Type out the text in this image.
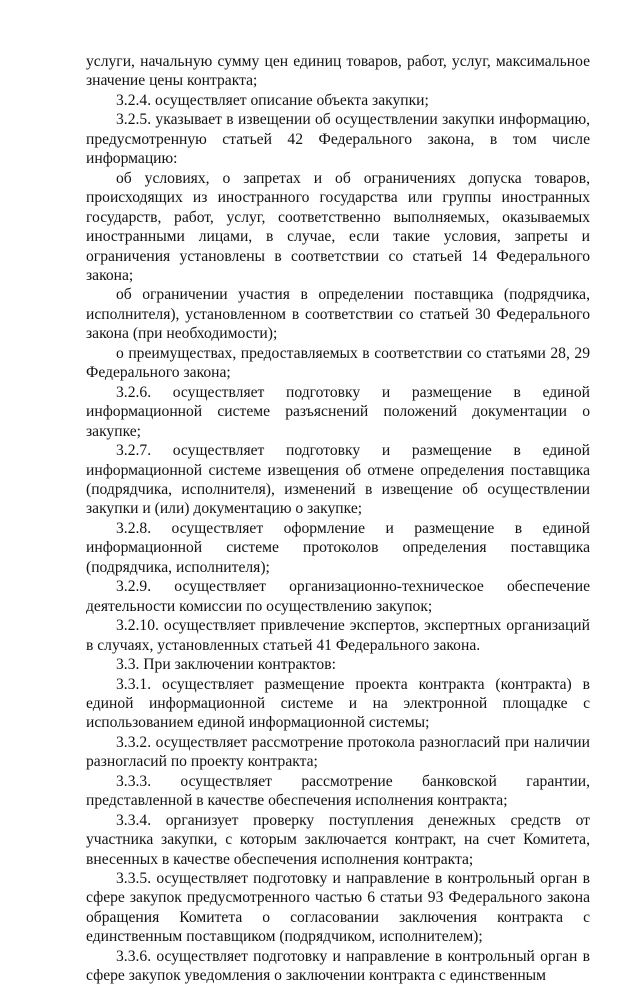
услуги, начальную сумму цен единиц товаров, работ, услуг, максимальное значение цены контракта;

3.2.4. осуществляет описание объекта закупки;

3.2.5. указывает в извещении об осуществлении закупки информацию, предусмотренную статьей 42 Федерального закона, в том числе информацию:

об условиях, о запретах и об ограничениях допуска товаров, происходящих из иностранного государства или группы иностранных государств, работ, услуг, соответственно выполняемых, оказываемых иностранными лицами, в случае, если такие условия, запреты и ограничения установлены в соответствии со статьей 14 Федерального закона;

об ограничении участия в определении поставщика (подрядчика, исполнителя), установленном в соответствии со статьей 30 Федерального закона (при необходимости);

о преимуществах, предоставляемых в соответствии со статьями 28, 29 Федерального закона;

3.2.6. осуществляет подготовку и размещение в единой информационной системе разъяснений положений документации о закупке;

3.2.7. осуществляет подготовку и размещение в единой информационной системе извещения об отмене определения поставщика (подрядчика, исполнителя), изменений в извещение об осуществлении закупки и (или) документацию о закупке;

3.2.8. осуществляет оформление и размещение в единой информационной системе протоколов определения поставщика (подрядчика, исполнителя);

3.2.9. осуществляет организационно-техническое обеспечение деятельности комиссии по осуществлению закупок;

3.2.10. осуществляет привлечение экспертов, экспертных организаций в случаях, установленных статьей 41 Федерального закона.

3.3. При заключении контрактов:

3.3.1. осуществляет размещение проекта контракта (контракта) в единой информационной системе и на электронной площадке с использованием единой информационной системы;

3.3.2. осуществляет рассмотрение протокола разногласий при наличии разногласий по проекту контракта;

3.3.3. осуществляет рассмотрение банковской гарантии, представленной в качестве обеспечения исполнения контракта;

3.3.4. организует проверку поступления денежных средств от участника закупки, с которым заключается контракт, на счет Комитета, внесенных в качестве обеспечения исполнения контракта;

3.3.5. осуществляет подготовку и направление в контрольный орган в сфере закупок предусмотренного частью 6 статьи 93 Федерального закона обращения Комитета о согласовании заключения контракта с единственным поставщиком (подрядчиком, исполнителем);

3.3.6. осуществляет подготовку и направление в контрольный орган в сфере закупок уведомления о заключении контракта с единственным
